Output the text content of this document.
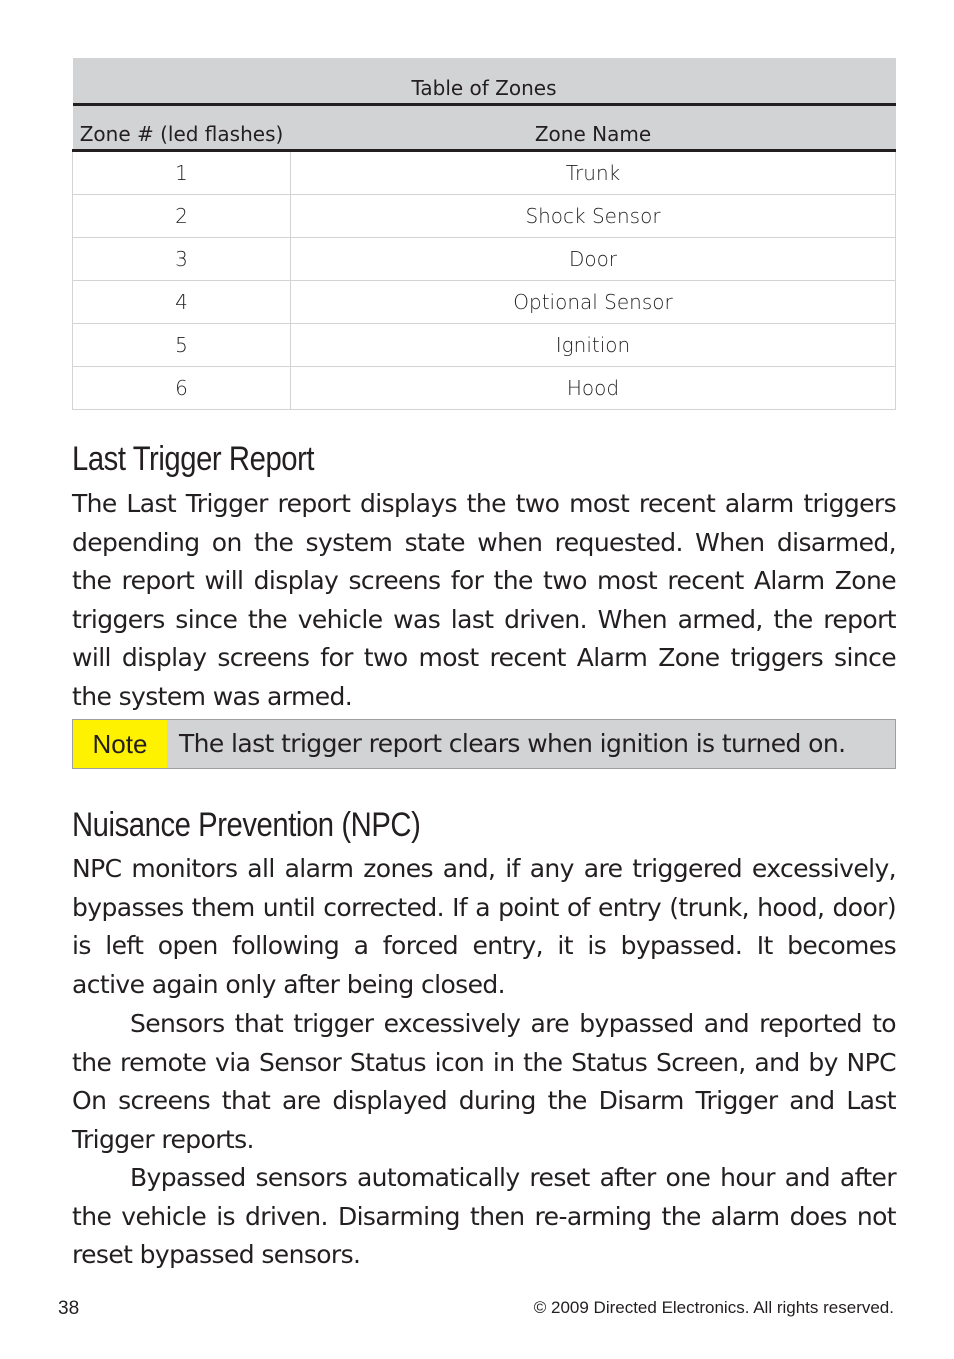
Table of Zones	
Zone # (led flashes)	Zone Name
1	Trunk
2	Shock Sensor
3	Door
4	Optional Sensor
5	Ignition
6	Hood
Last Trigger Report

The Last Trigger report displays the two most recent alarm triggers depending on the system state when requested. When disarmed, the report will display screens for the two most recent Alarm Zone triggers since the vehicle was last driven. When armed, the report will display screens for two most recent Alarm Zone triggers since the system was armed.

Note	The last trigger report clears when ignition is turned on.
Nuisance Prevention (NPC)

NPC monitors all alarm zones and, if any are triggered excessively, bypasses them until corrected. If a point of entry (trunk, hood, door) is left open following a forced entry, it is bypassed. It becomes active again only after being closed.

Sensors that trigger excessively are bypassed and reported to the remote via Sensor Status icon in the Status Screen, and by NPC On screens that are displayed during the Disarm Trigger and Last Trigger reports.

Bypassed sensors automatically reset after one hour and after the vehicle is driven. Disarming then re-arming the alarm does not reset bypassed sensors.

38	© 2009 Directed Electronics. All rights reserved.
